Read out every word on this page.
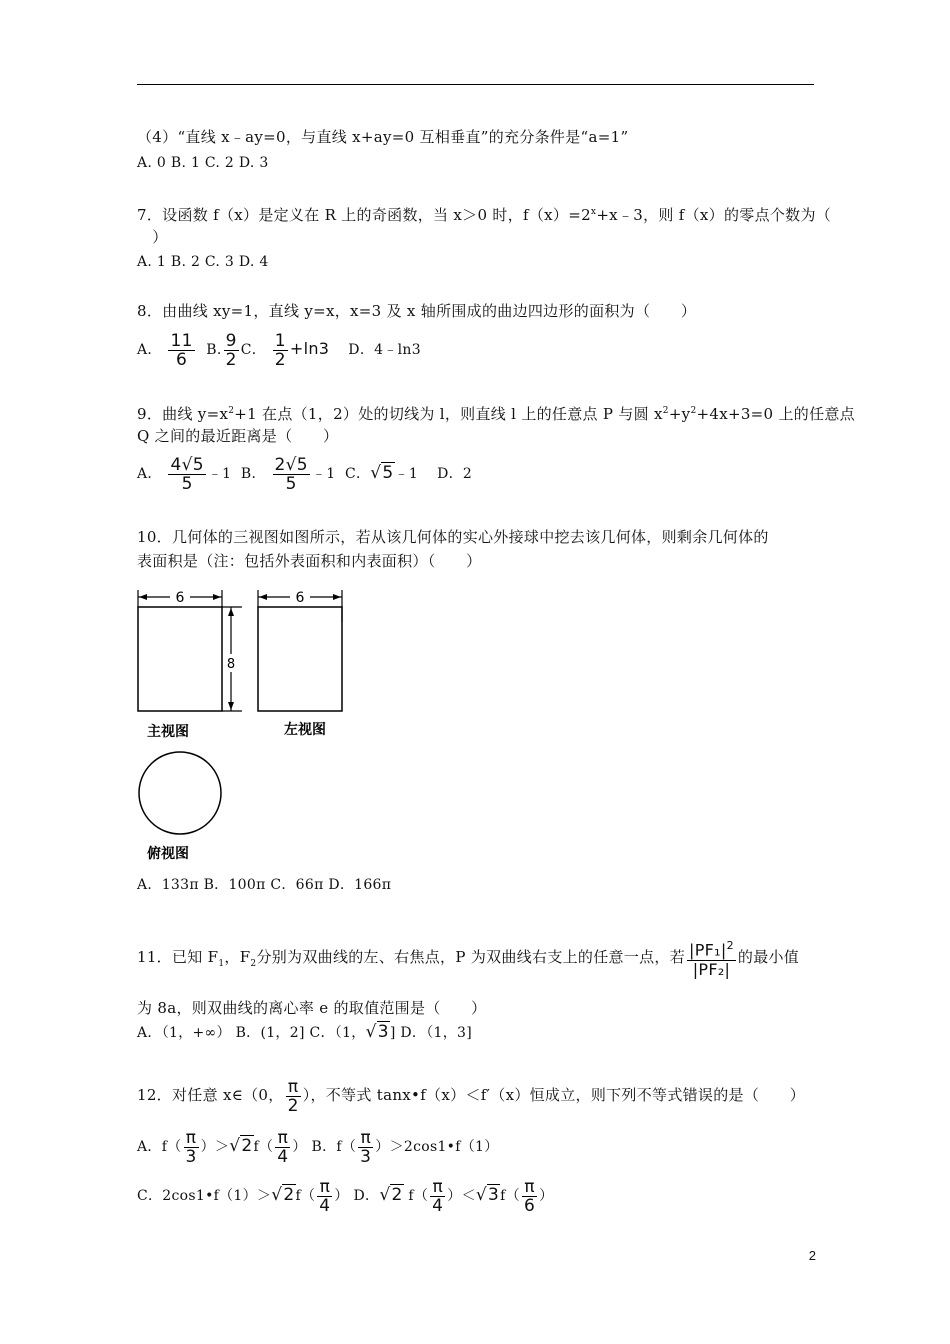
（4）“直线 x﹣ay=0，与直线 x+ay=0 互相垂直”的充分条件是“a=1”
A. 0 B. 1 C. 2 D. 3
7．设函数 f（x）是定义在 R 上的奇函数，当 x＞0 时，$f(x)=2^x+x﹣3$，则 f（x）的零点个数为（
　）
A. 1 B. 2 C. 3 D. 4
8．由曲线 xy=1，直线 y=x，x=3 及 x 轴所围成的曲边四边形的面积为（　　）
A． $\frac{11}{6} B$. $\frac{9}{2}$ C． $\frac{1}{2} +\ln 3$ D．4﹣ln3
9．曲线 $y=x^2+1$ 在点（1，2）处的切线为 l，则直线 l 上的任意点 P 与圆 $x^2+y^2+4x+3=0$ 上的任意点
Q 之间的最近距离是（　　）
A． $\frac{4√5}{5}$ ﹣1 B． $\frac{2√5}{5}$ ﹣1 C．√5﹣1 D．2
10．几何体的三视图如图所示，若从该几何体的实心外接球中挖去该几何体，则剩余几何体的
表面积是（注：包括外表面积和内表面积）（　　）
6
8
6
主视图	左视图
俯视图
A．133π B．100π C．66π D．166π
11．已知 $F_1$，$F_2$分别为双曲线的左、右焦点，P 为双曲线右支上的任意一点，若 $\frac{|PF_1|^2}{\text{|PF₂|}}$ 的最小值
为 8a，则双曲线的离心率 e 的取值范围是（　　）
A．（1，+∞） B．(1，2] C．（1，√3] D．（1，3]
12．对任意 x∈（0， $\frac{\pi}{2}$ ），不等式 tanx•f（x）＜f′（x）恒成立，则下列不等式错误的是（　　）
A．$f( \frac{\pi}{3} )>√2f( \frac{\pi}{4}$ ） B．$f( \frac{\pi}{3}$ ）＞2cos1•f（1）
C．2cos1•f（1）＞√2f（ $\frac{\pi}{4}$ ） D．√2 $f( \frac{\pi}{4} )<√3f( \frac{\pi}{6}$ ）
2
